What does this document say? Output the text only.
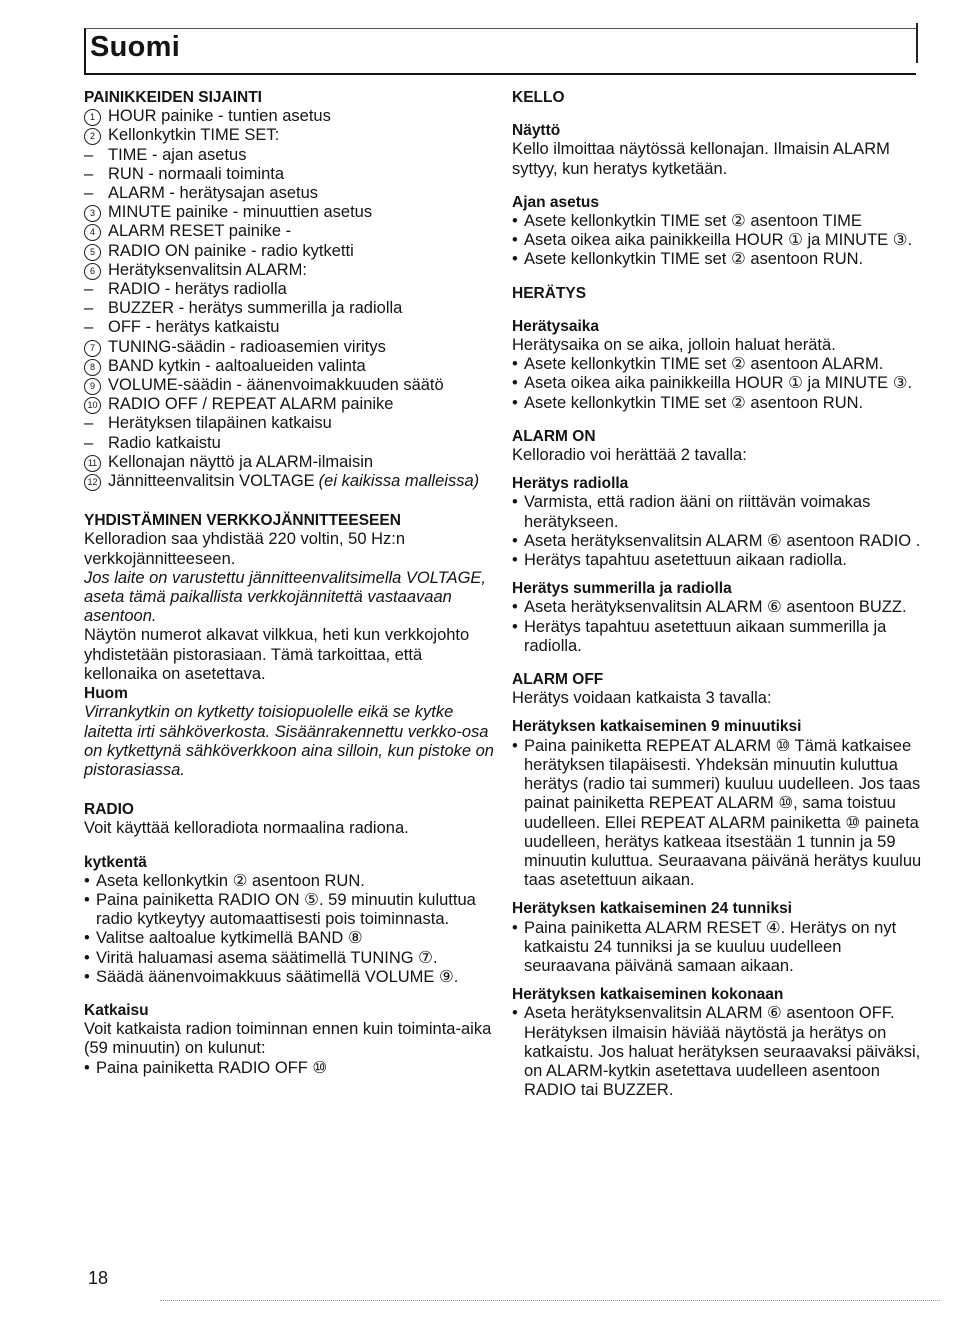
Suomi
PAINIKKEIDEN SIJAINTI
1 HOUR painike - tuntien asetus
2 Kellonkytkin TIME SET:
– TIME - ajan asetus
– RUN - normaali toiminta
– ALARM - herätysajan asetus
3 MINUTE painike - minuuttien asetus
4 ALARM RESET painike -
5 RADIO ON painike - radio kytketti
6 Herätyksenvalitsin ALARM:
– RADIO - herätys radiolla
– BUZZER - herätys summerilla ja radiolla
– OFF - herätys katkaistu
7 TUNING-säädin - radioasemien viritys
8 BAND kytkin - aaltoalueiden valinta
9 VOLUME-säädin - äänenvoimakkuuden säätö
10 RADIO OFF / REPEAT ALARM painike
– Herätyksen tilapäinen katkaisu
– Radio katkaistu
11 Kellonajan näyttö ja ALARM-ilmaisin
12 Jännitteenvalitsin VOLTAGE (ei kaikissa malleissa)
YHDISTÄMINEN VERKKOJÄNNITTEESEEN

Kelloradion saa yhdistää 220 voltin, 50 Hz:n verkkojännitteeseen.

Jos laite on varustettu jännitteenvalitsimella VOLTAGE, aseta tämä paikallista verkkojännitettä vastaavaan asentoon.

Näytön numerot alkavat vilkkua, heti kun verkkojohto yhdistetään pistorasiaan. Tämä tarkoittaa, että kellonaika on asetettava.

Huom

Virrankytkin on kytketty toisiopuolelle eikä se kytke laitetta irti sähköverkosta. Sisäänrakennettu verkko-osa on kytkettynä sähköverkkoon aina silloin, kun pistoke on pistorasiassa.

RADIO

Voit käyttää kelloradiota normaalina radiona.

kytkentä
• Aseta kellonkytkin ② asentoon RUN.
• Paina painiketta RADIO ON ⑤. 59 minuutin kuluttua radio kytkeytyy automaattisesti pois toiminnasta.
• Valitse aaltoalue kytkimellä BAND ⑧
• Viritä haluamasi asema säätimellä TUNING ⑦.
• Säädä äänenvoimakkuus säätimellä VOLUME ⑨.
Katkaisu

Voit katkaista radion toiminnan ennen kuin toiminta-aika (59 minuutin) on kulunut:

• Paina painiketta RADIO OFF ⑩
KELLO
Näyttö

Kello ilmoittaa näytössä kellonajan. Ilmaisin ALARM syttyy, kun heratys kytketään.

Ajan asetus
• Asete kellonkytkin TIME set ② asentoon TIME
• Aseta oikea aika painikkeilla HOUR ① ja MINUTE ③.
• Asete kellonkytkin TIME set ② asentoon RUN.
HERÄTYS
Herätysaika

Herätysaika on se aika, jolloin haluat herätä.

• Asete kellonkytkin TIME set ② asentoon ALARM.
• Aseta oikea aika painikkeilla HOUR ① ja MINUTE ③.
• Asete kellonkytkin TIME set ② asentoon RUN.
ALARM ON

Kelloradio voi herättää 2 tavalla:

Herätys radiolla
• Varmista, että radion ääni on riittävän voimakas herätykseen.
• Aseta herätyksenvalitsin ALARM ⑥ asentoon RADIO .
• Herätys tapahtuu asetettuun aikaan radiolla.
Herätys summerilla ja radiolla
• Aseta herätyksenvalitsin ALARM ⑥ asentoon BUZZ.
• Herätys tapahtuu asetettuun aikaan summerilla ja radiolla.
ALARM OFF

Herätys voidaan katkaista 3 tavalla:

Herätyksen katkaiseminen 9 minuutiksi
• Paina painiketta REPEAT ALARM ⑩ Tämä katkaisee herätyksen tilapäisesti. Yhdeksän minuutin kuluttua herätys (radio tai summeri) kuuluu uudelleen. Jos taas painat painiketta REPEAT ALARM ⑩, sama toistuu uudelleen. Ellei REPEAT ALARM painiketta ⑩ paineta uudelleen, herätys katkeaa itsestään 1 tunnin ja 59 minuutin kuluttua. Seuraavana päivänä herätys kuuluu taas asetettuun aikaan.
Herätyksen katkaiseminen 24 tunniksi
• Paina painiketta ALARM RESET ④. Herätys on nyt katkaistu 24 tunniksi ja se kuuluu uudelleen seuraavana päivänä samaan aikaan.
Herätyksen katkaiseminen kokonaan
• Aseta herätyksenvalitsin ALARM ⑥ asentoon OFF. Herätyksen ilmaisin häviää näytöstä ja herätys on katkaistu. Jos haluat herätyksen seuraavaksi päiväksi, on ALARM-kytkin asetettava uudelleen asentoon RADIO tai BUZZER.
18
